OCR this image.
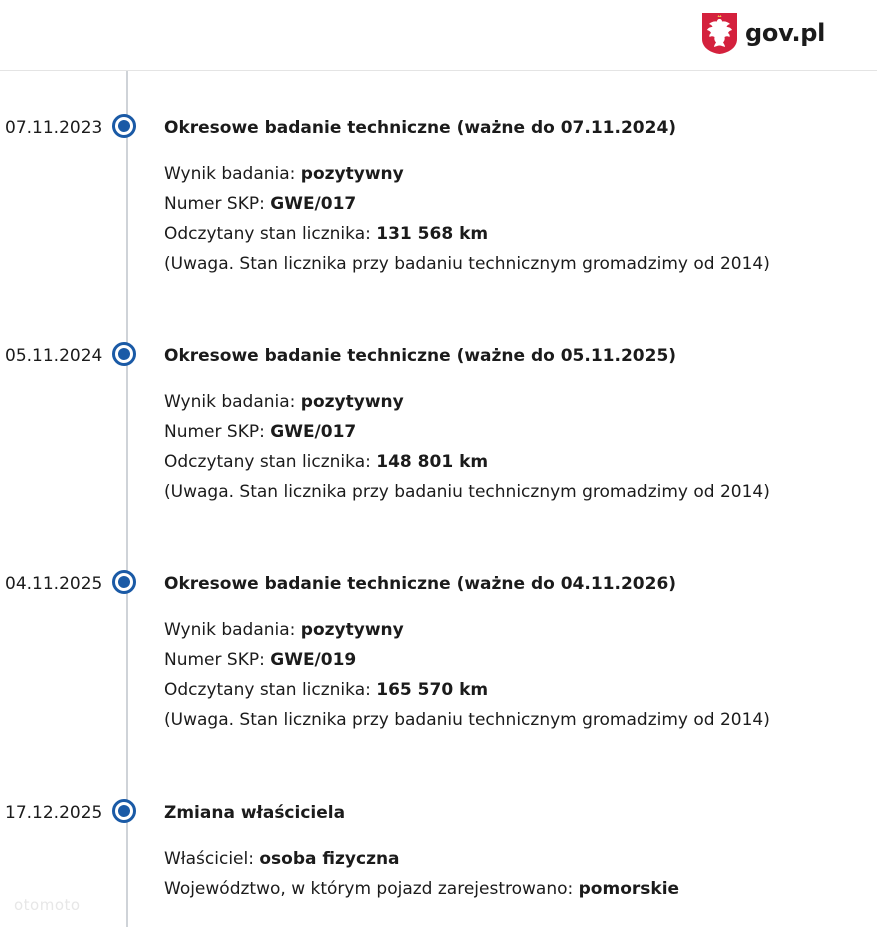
gov.pl
07.11.2023	Okresowe badanie techniczne (ważne do 07.11.2024)
Wynik badania: pozytywny
Numer SKP: GWE/017
Odczytany stan licznika: 131 568 km
(Uwaga. Stan licznika przy badaniu technicznym gromadzimy od 2014)
05.11.2024	Okresowe badanie techniczne (ważne do 05.11.2025)
Wynik badania: pozytywny
Numer SKP: GWE/017
Odczytany stan licznika: 148 801 km
(Uwaga. Stan licznika przy badaniu technicznym gromadzimy od 2014)
04.11.2025	Okresowe badanie techniczne (ważne do 04.11.2026)
Wynik badania: pozytywny
Numer SKP: GWE/019
Odczytany stan licznika: 165 570 km
(Uwaga. Stan licznika przy badaniu technicznym gromadzimy od 2014)
17.12.2025	Zmiana właściciela
Właściciel: osoba fizyczna
Województwo, w którym pojazd zarejestrowano: pomorskie
otomoto
